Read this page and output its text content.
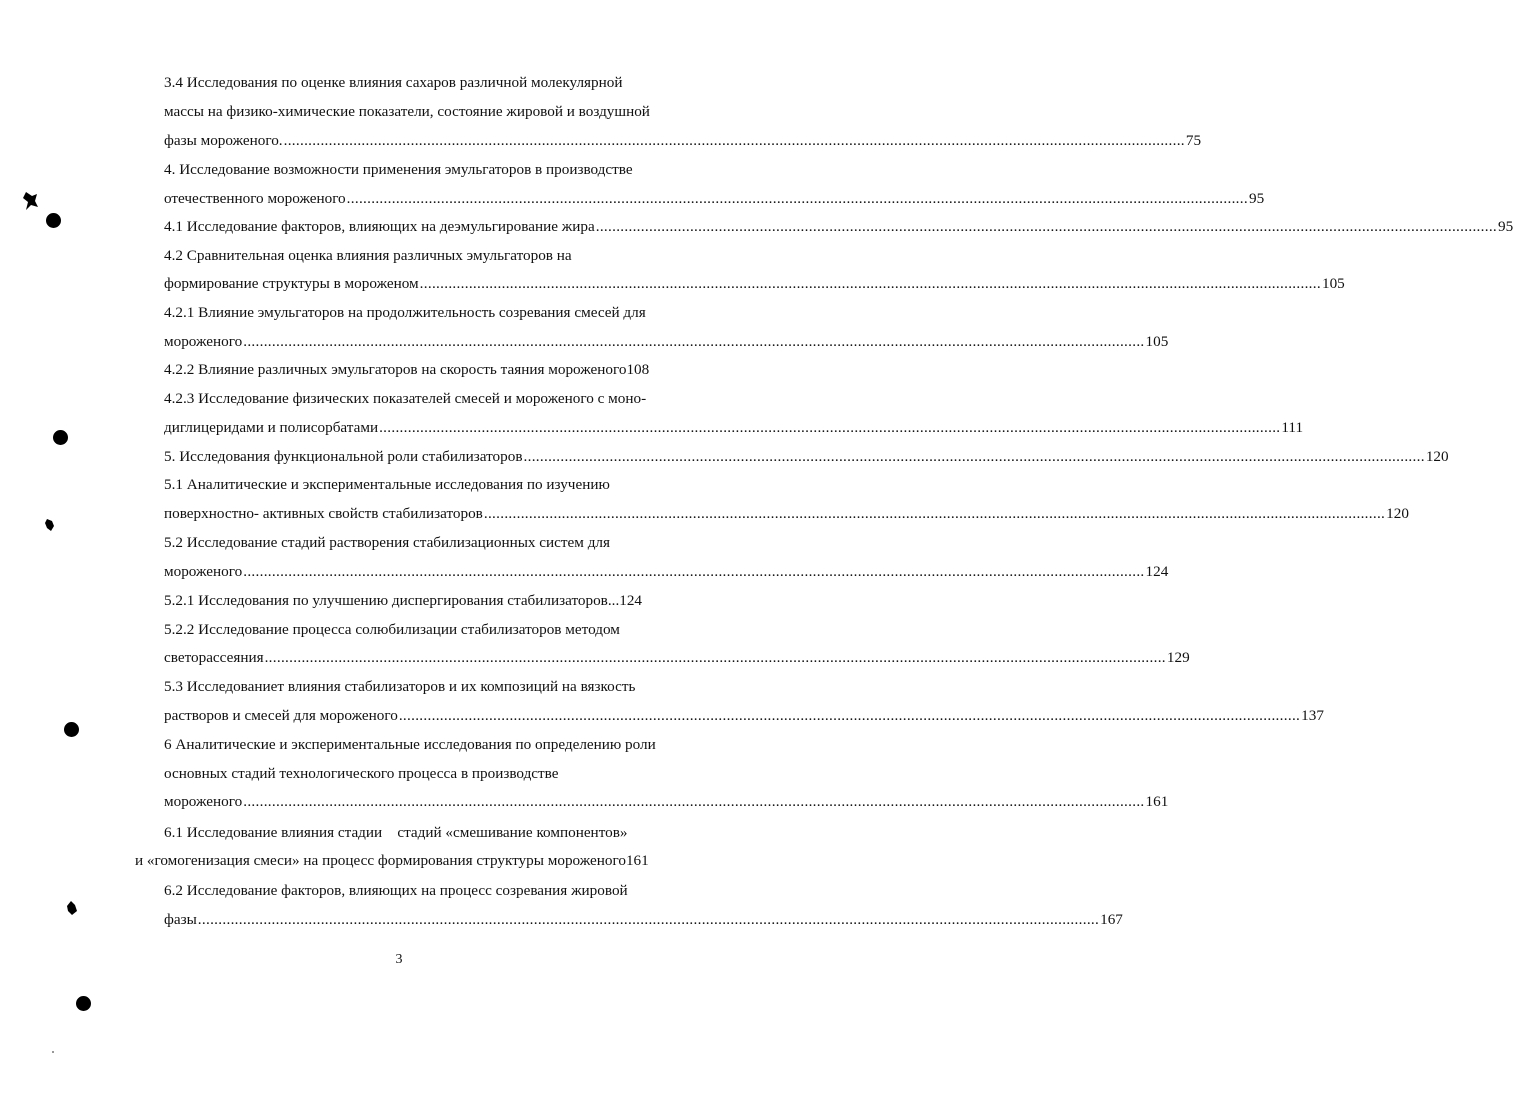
3.4 Исследования по оценке влияния сахаров различной молекулярной
массы на физико-химические показатели, состояние жировой и воздушной
фазы мороженого. ............................................................................................................................................................................................................................ 75
4. Исследование возможности применения эмульгаторов в производстве
отечественного мороженого ............................................................................................................................................................................................................................ 95
4.1 Исследование факторов, влияющих на деэмульгирование жира ............................................................................................................................................................................................................................ 95
4.2 Сравнительная оценка влияния различных эмульгаторов на
формирование структуры в мороженом ............................................................................................................................................................................................................................ 105
4.2.1 Влияние эмульгаторов на продолжительность созревания смесей для
мороженого ............................................................................................................................................................................................................................ 105
4.2.2 Влияние различных эмульгаторов на скорость таяния мороженого108
4.2.3 Исследование физических показателей смесей и мороженого с моно-
диглицеридами и полисорбатами ............................................................................................................................................................................................................................ 111
5. Исследования функциональной роли стабилизаторов ............................................................................................................................................................................................................................ 120
5.1 Аналитические и экспериментальные исследования по изучению
поверхностно- активных свойств стабилизаторов ............................................................................................................................................................................................................................ 120
5.2 Исследование стадий растворения стабилизационных систем для
мороженого ............................................................................................................................................................................................................................ 124
5.2.1 Исследования по улучшению диспергирования стабилизаторов...124
5.2.2 Исследование процесса солюбилизации стабилизаторов методом
светорассеяния ............................................................................................................................................................................................................................ 129
5.3 Исследованиет влияния стабилизаторов и их композиций на вязкость
растворов и смесей для мороженого ............................................................................................................................................................................................................................ 137
6 Аналитические и экспериментальные исследования по определению роли
основных стадий технологического процесса в производстве
мороженого ............................................................................................................................................................................................................................ 161
6.1 Исследование влияния стадии    стадий «смешивание компонентов»
и «гомогенизация смеси» на процесс формирования структуры мороженого161
6.2 Исследование факторов, влияющих на процесс созревания жировой
фазы ............................................................................................................................................................................................................................ 167
3
